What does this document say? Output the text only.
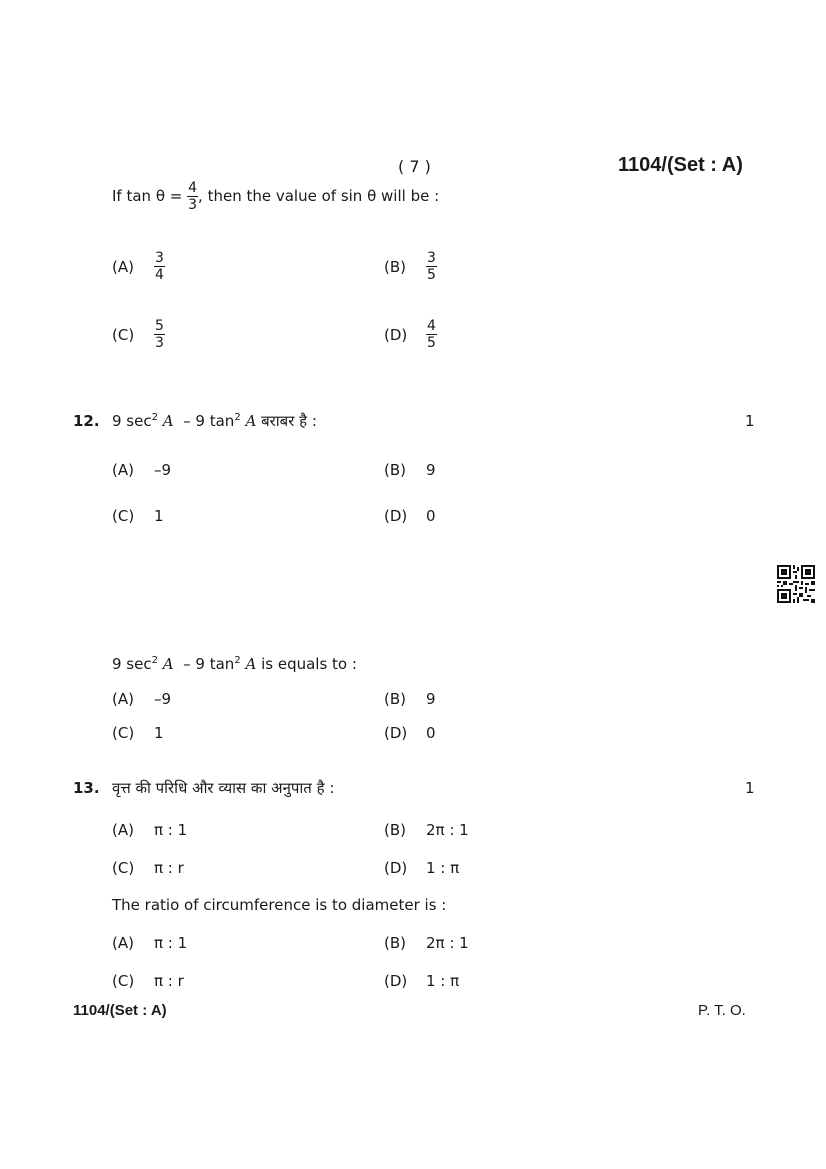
( 7 )	1104/(Set : A)
If $\tan \theta = \frac{4}{3}$ , then the value of sin θ will be :
$(A) \frac{3}{4}$	$(B) \frac{3}{5}$
$(C) \frac{5}{3}$	$(D) \frac{4}{5}$
12. 9 $\sec^2 A - 9$ $\tan^2 A$ बराबर है :	1
(A) –9	(B) 9
(C) 1	(D) 0
9 $\sec^2 A - 9$ $\tan^2 A$ is equals to :
(A) –9	(B) 9
(C) 1	(D) 0
13. वृत्त की परिधि और व्यास का अनुपात है :	1
(A) π : 1	(B) 2π : 1
(C) π : r	(D) 1 : π
The ratio of circumference is to diameter is :
(A) π : 1	(B) 2π : 1
(C) π : r	(D) 1 : π
1104/(Set : A)	P. T. O.
